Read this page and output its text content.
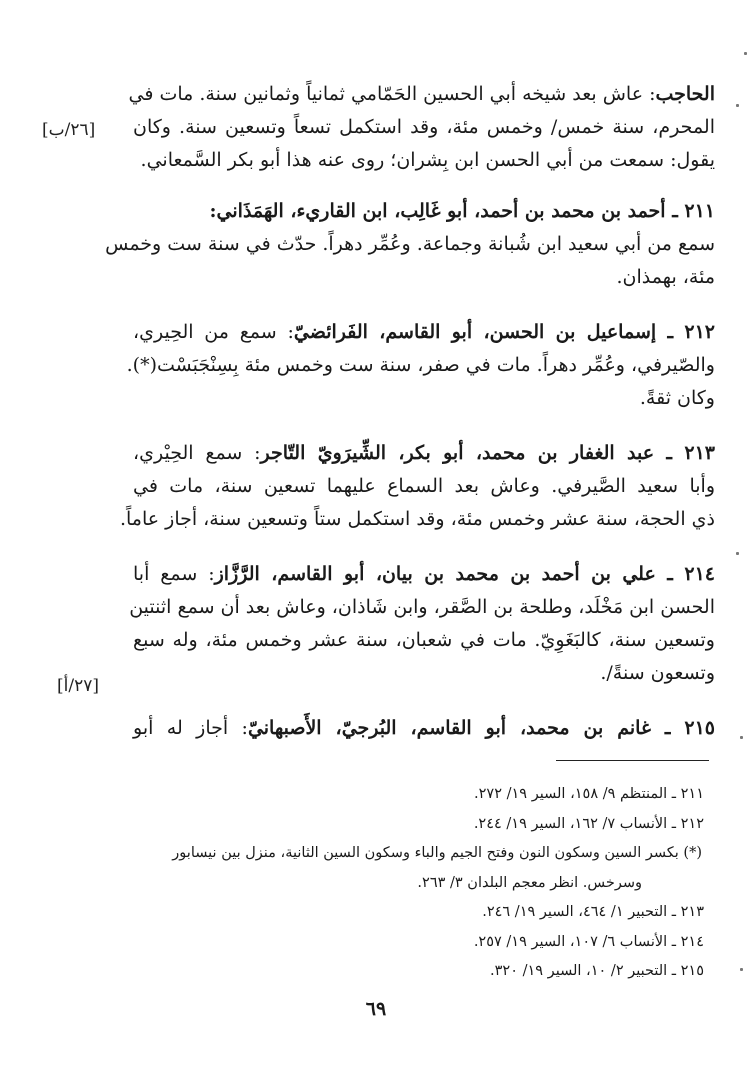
[٢٦/ب]
[٢٧/أ]
الحاجب: عاش بعد شيخه أبي الحسين الحَمّامي ثمانياً وثمانين سنة. مات في
المحرم، سنة خمس/ وخمس مئة، وقد استكمل تسعاً وتسعين سنة. وكان
يقول: سمعت من أبي الحسن ابن بِشران؛ روى عنه هذا أبو بكر السَّمعاني.
٢١١ ـ أحمد بن محمد بن أحمد، أبو غَالِب، ابن القاريء، الهَمَذَاني:
سمع من أبي سعيد ابن شُبانة وجماعة. وعُمِّر دهراً. حدّث في سنة ست وخمس
مئة، بهمذان.
٢١٢ ـ إسماعيل بن الحسن، أبو القاسم، الفَرائضيّ: سمع من الحِيري،
والصّيرفي، وعُمِّر دهراً. مات في صفر، سنة ست وخمس مئة بِسِنْجَبَسْت(*).
وكان ثقةً.
٢١٣ ـ عبد الغفار بن محمد، أبو بكر، الشِّيرَويّ التّاجر: سمع الحِيْري،
وأبا سعيد الصَّيرفي. وعاش بعد السماع عليهما تسعين سنة، مات في
ذي الحجة، سنة عشر وخمس مئة، وقد استكمل ستاً وتسعين سنة، أجاز عاماً.
٢١٤ ـ علي بن أحمد بن محمد بن بيان، أبو القاسم، الرَّزَّاز: سمع أبا
الحسن ابن مَخْلَد، وطلحة بن الصَّقر، وابن شَاذان، وعاش بعد أن سمع اثنتين
وتسعين سنة، كالبَغَوِيّ. مات في شعبان، سنة عشر وخمس مئة، وله سبع
وتسعون سنةً/.
٢١٥ ـ غانم بن محمد، أبو القاسم، البُرجيّ، الأَصبهانيّ: أجاز له أبو
٢١١ ـ المنتظم ٩/ ١٥٨، السير ١٩/ ٢٧٢.
٢١٢ ـ الأنساب ٧/ ١٦٢، السير ١٩/ ٢٤٤.
(*) بكسر السين وسكون النون وفتح الجيم والباء وسكون السين الثانية، منزل بين نيسابور
وسرخس. انظر معجم البلدان ٣/ ٢٦٣.
٢١٣ ـ التحبير ١/ ٤٦٤، السير ١٩/ ٢٤٦.
٢١٤ ـ الأنساب ٦/ ١٠٧، السير ١٩/ ٢٥٧.
٢١٥ ـ التحبير ٢/ ١٠، السير ١٩/ ٣٢٠.
٦٩
